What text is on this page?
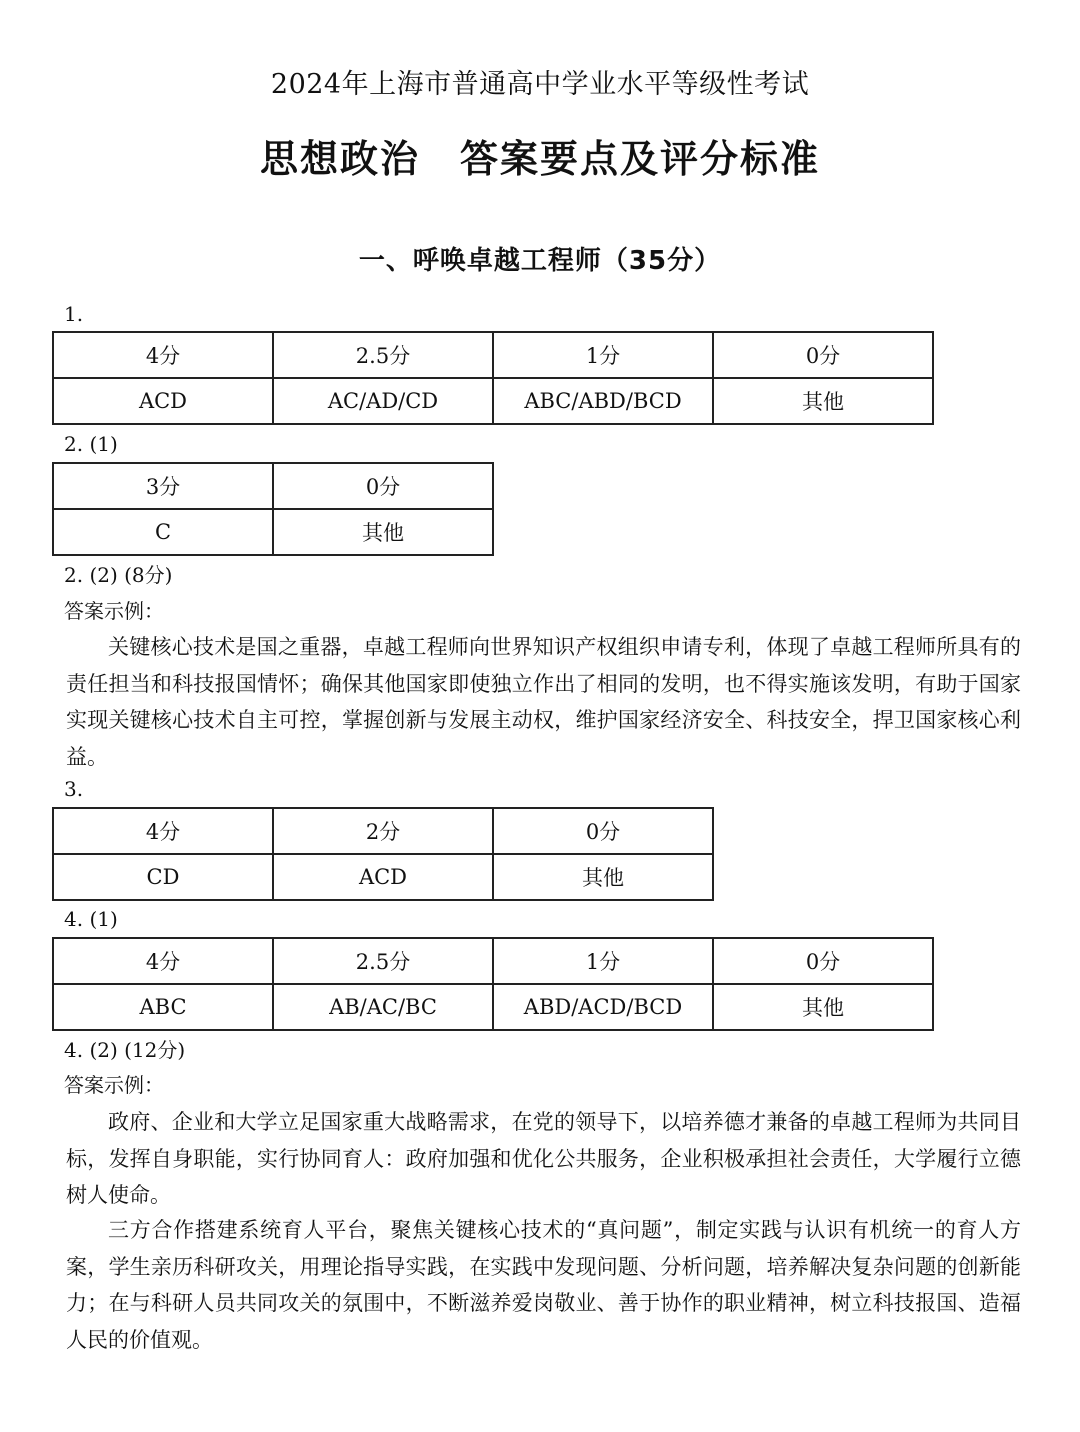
2024年上海市普通高中学业水平等级性考试
思想政治　答案要点及评分标准
一、呼唤卓越工程师（35分）
1.
4分	2.5分	1分	0分
ACD	AC/AD/CD	ABC/ABD/BCD	其他
2. (1)
3分	0分
C	其他
2. (2) (8分)
答案示例：

关键核心技术是国之重器，卓越工程师向世界知识产权组织申请专利，体现了卓越工程师所具有的责任担当和科技报国情怀；确保其他国家即使独立作出了相同的发明，也不得实施该发明，有助于国家实现关键核心技术自主可控，掌握创新与发展主动权，维护国家经济安全、科技安全，捍卫国家核心利益。

3.
4分	2分	0分
CD	ACD	其他
4. (1)
4分	2.5分	1分	0分
ABC	AB/AC/BC	ABD/ACD/BCD	其他
4. (2) (12分)
答案示例：

政府、企业和大学立足国家重大战略需求，在党的领导下，以培养德才兼备的卓越工程师为共同目标，发挥自身职能，实行协同育人：政府加强和优化公共服务，企业积极承担社会责任，大学履行立德树人使命。

三方合作搭建系统育人平台，聚焦关键核心技术的“真问题”，制定实践与认识有机统一的育人方案，学生亲历科研攻关，用理论指导实践，在实践中发现问题、分析问题，培养解决复杂问题的创新能力；在与科研人员共同攻关的氛围中，不断滋养爱岗敬业、善于协作的职业精神，树立科技报国、造福人民的价值观。
